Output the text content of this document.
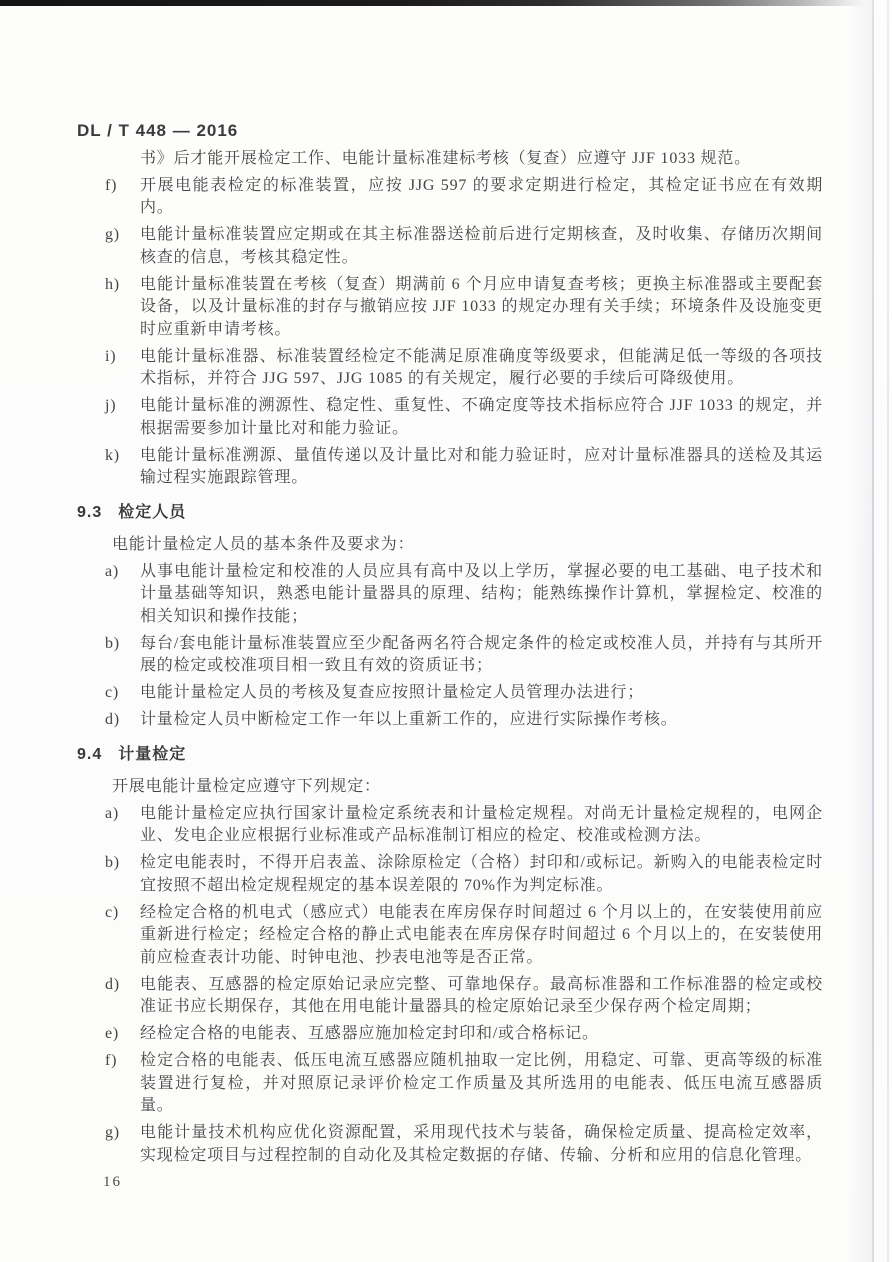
DL / T 448 — 2016

书》后才能开展检定工作、电能计量标准建标考核（复查）应遵守 JJF 1033 规范。

f)	开展电能表检定的标准装置，应按 JJG 597 的要求定期进行检定，其检定证书应在有效期内。
g)	电能计量标准装置应定期或在其主标准器送检前后进行定期核查，及时收集、存储历次期间核查的信息，考核其稳定性。
h)	电能计量标准装置在考核（复查）期满前 6 个月应申请复查考核；更换主标准器或主要配套设备，以及计量标准的封存与撤销应按 JJF 1033 的规定办理有关手续；环境条件及设施变更时应重新申请考核。
i)	电能计量标准器、标准装置经检定不能满足原准确度等级要求，但能满足低一等级的各项技术指标，并符合 JJG 597、JJG 1085 的有关规定，履行必要的手续后可降级使用。
j)	电能计量标准的溯源性、稳定性、重复性、不确定度等技术指标应符合 JJF 1033 的规定，并根据需要参加计量比对和能力验证。
k)	电能计量标准溯源、量值传递以及计量比对和能力验证时，应对计量标准器具的送检及其运输过程实施跟踪管理。
9.3 检定人员

电能计量检定人员的基本条件及要求为：

a)	从事电能计量检定和校准的人员应具有高中及以上学历，掌握必要的电工基础、电子技术和计量基础等知识，熟悉电能计量器具的原理、结构；能熟练操作计算机，掌握检定、校准的相关知识和操作技能；
b)	每台/套电能计量标准装置应至少配备两名符合规定条件的检定或校准人员，并持有与其所开展的检定或校准项目相一致且有效的资质证书；
c)	电能计量检定人员的考核及复查应按照计量检定人员管理办法进行；
d)	计量检定人员中断检定工作一年以上重新工作的，应进行实际操作考核。
9.4 计量检定

开展电能计量检定应遵守下列规定：

a)	电能计量检定应执行国家计量检定系统表和计量检定规程。对尚无计量检定规程的，电网企业、发电企业应根据行业标准或产品标准制订相应的检定、校准或检测方法。
b)	检定电能表时，不得开启表盖、涂除原检定（合格）封印和/或标记。新购入的电能表检定时宜按照不超出检定规程规定的基本误差限的 70%作为判定标准。
c)	经检定合格的机电式（感应式）电能表在库房保存时间超过 6 个月以上的，在安装使用前应重新进行检定；经检定合格的静止式电能表在库房保存时间超过 6 个月以上的，在安装使用前应检查表计功能、时钟电池、抄表电池等是否正常。
d)	电能表、互感器的检定原始记录应完整、可靠地保存。最高标准器和工作标准器的检定或校准证书应长期保存，其他在用电能计量器具的检定原始记录至少保存两个检定周期；
e)	经检定合格的电能表、互感器应施加检定封印和/或合格标记。
f)	检定合格的电能表、低压电流互感器应随机抽取一定比例，用稳定、可靠、更高等级的标准装置进行复检，并对照原记录评价检定工作质量及其所选用的电能表、低压电流互感器质量。
g)	电能计量技术机构应优化资源配置，采用现代技术与装备，确保检定质量、提高检定效率，实现检定项目与过程控制的自动化及其检定数据的存储、传输、分析和应用的信息化管理。
16
